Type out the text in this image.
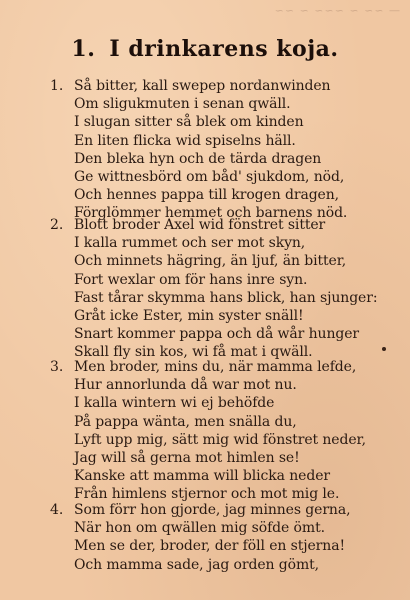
— ~~ ~ ~~~ ~ ~~
1. I drinkarens koja.
1. Så bitter, kall swepер nordanwinden
Om sligukmuten i senan qwäll.
I slugan sitter så blek om kinden
En liten flicka wid spiselns häll.
Den bleka hyn och de tärda dragen
Ge wittnesbörd om båd' sjukdom, nöd,
Och hennes pappa till krogen dragen,
Förglömmer hemmet och barnens nöd.
2. Blott broder Axel wid fönstret sitter
I kalla rummet och ser mot skyn,
Och minnets hägring, än ljuf, än bitter,
Fort wexlar om för hans inre syn.
Fast tårar skymma hans blick, han sjunger:
Gråt icke Ester, min syster snäll!
Snart kommer pappa och då wår hunger
Skall fly sin kos, wi få mat i qwäll.
3. Men broder, mins du, när mamma lefde,
Hur annorlunda då war mot nu.
I kalla wintern wi ej behöfde
På pappa wänta, men snälla du,
Lyft upp mig, sätt mig wid fönstret neder,
Jag will så gerna mot himlen se!
Kanske att mamma will blicka neder
Från himlens stjernor och mot mig le.
4. Som förr hon gjorde, jag minnes gerna,
När hon om qwällen mig söfde ömt.
Men se der, broder, der föll en stjerna!
Och mamma sade, jag orden gömt,
